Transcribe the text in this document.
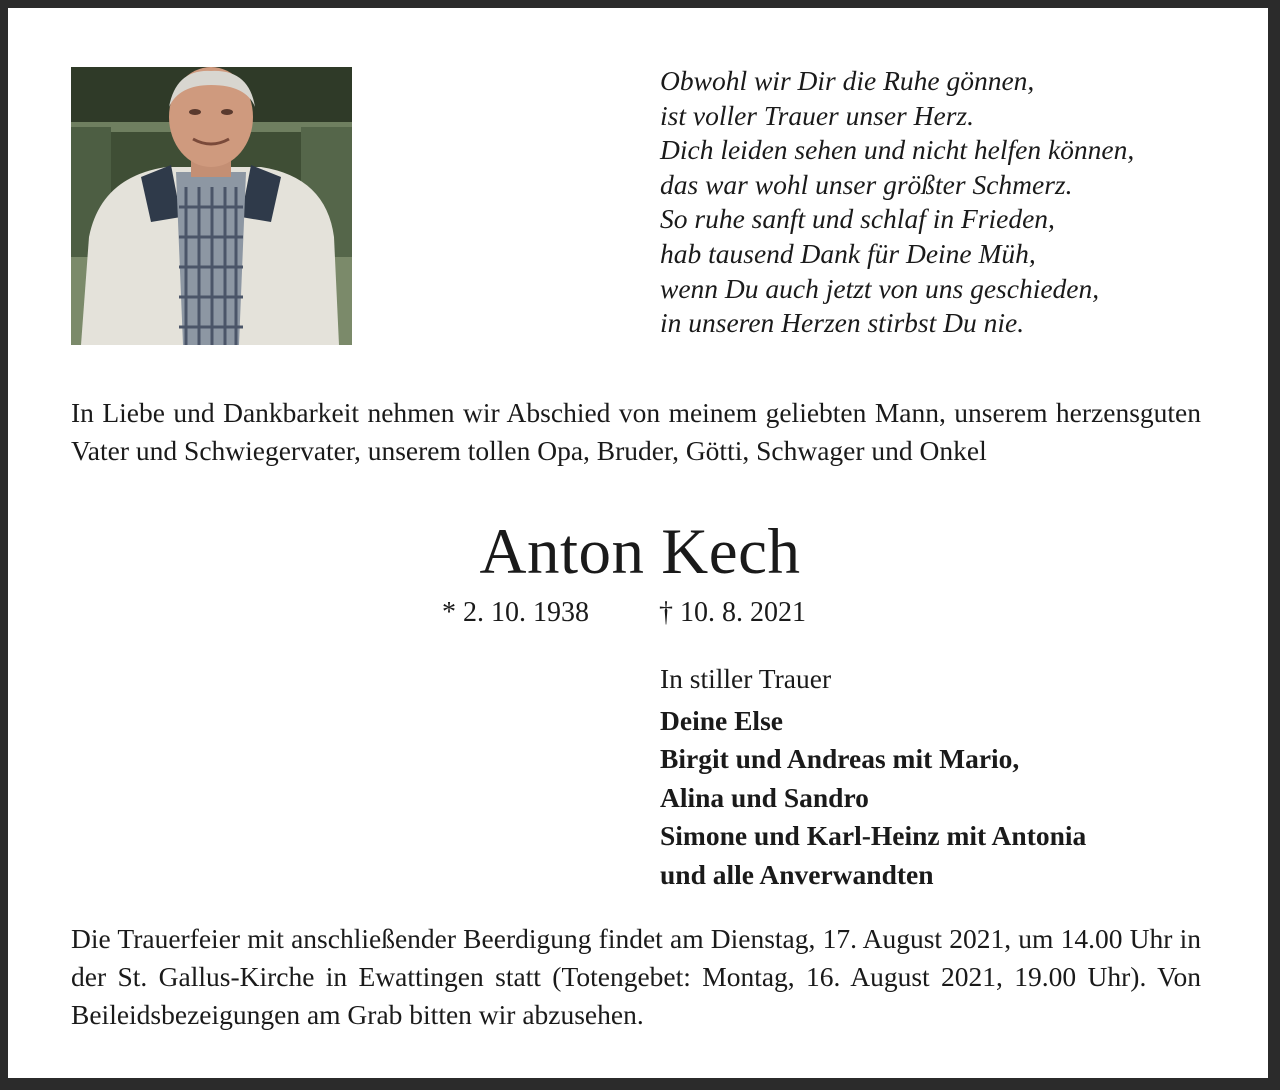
Obwohl wir Dir die Ruhe gönnen,
ist voller Trauer unser Herz.
Dich leiden sehen und nicht helfen können,
das war wohl unser größter Schmerz.
So ruhe sanft und schlaf in Frieden,
hab tausend Dank für Deine Müh,
wenn Du auch jetzt von uns geschieden,
in unseren Herzen stirbst Du nie.

In Liebe und Dankbarkeit nehmen wir Abschied von meinem geliebten Mann, unserem herzensguten Vater und Schwiegervater, unserem tollen Opa, Bruder, Götti, Schwager und Onkel

Anton Kech
* 2. 10. 1938	† 10. 8. 2021

In stiller Trauer

Deine Else
Birgit und Andreas mit Mario,
Alina und Sandro
Simone und Karl-Heinz mit Antonia
und alle Anverwandten

Die Trauerfeier mit anschließender Beerdigung findet am Dienstag, 17. August 2021, um 14.00 Uhr in der St. Gallus-Kirche in Ewattingen statt (Totengebet: Montag, 16. August 2021, 19.00 Uhr). Von Beileidsbezeigungen am Grab bitten wir abzusehen.
